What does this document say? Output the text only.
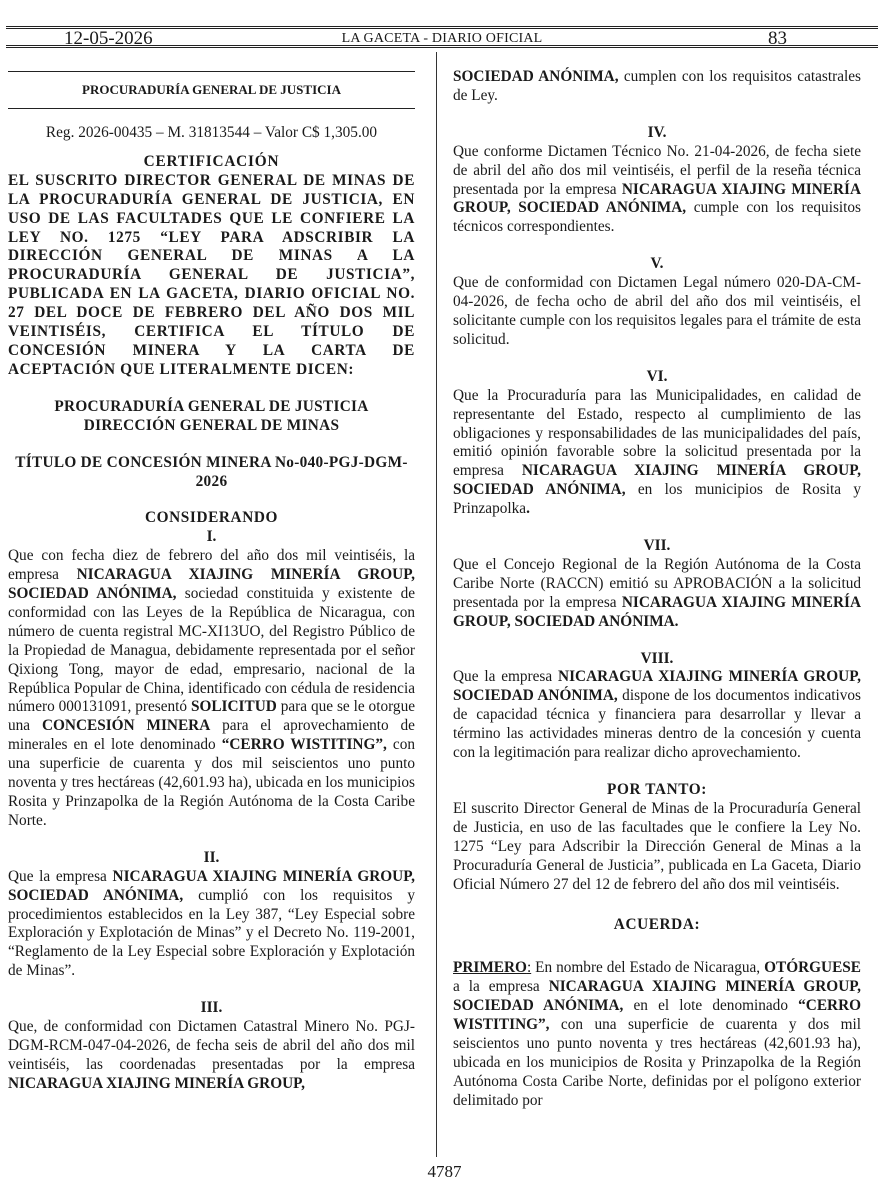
12-05-2026	LA GACETA - DIARIO OFICIAL	83
PROCURADURÍA GENERAL DE JUSTICIA

Reg. 2026-00435 – M. 31813544 – Valor C$ 1,305.00

CERTIFICACIÓN

EL SUSCRITO DIRECTOR GENERAL DE MINAS DE LA PROCURADURÍA GENERAL DE JUSTICIA, EN USO DE LAS FACULTADES QUE LE CONFIERE LA LEY NO. 1275 “LEY PARA ADSCRIBIR LA DIRECCIÓN GENERAL DE MINAS A LA PROCURADURÍA GENERAL DE JUSTICIA”, PUBLICADA EN LA GACETA, DIARIO OFICIAL NO. 27 DEL DOCE DE FEBRERO DEL AÑO DOS MIL VEINTISÉIS, CERTIFICA EL TÍTULO DE CONCESIÓN MINERA Y LA CARTA DE ACEPTACIÓN QUE LITERALMENTE DICEN:

PROCURADURÍA GENERAL DE JUSTICIA

DIRECCIÓN GENERAL DE MINAS

TÍTULO DE CONCESIÓN MINERA No-040-PGJ-DGM-2026

CONSIDERANDO

I.

Que con fecha diez de febrero del año dos mil veintiséis, la empresa NICARAGUA XIAJING MINERÍA GROUP, SOCIEDAD ANÓNIMA, sociedad constituida y existente de conformidad con las Leyes de la República de Nicaragua, con número de cuenta registral MC-XI13UO, del Registro Público de la Propiedad de Managua, debidamente representada por el señor Qixiong Tong, mayor de edad, empresario, nacional de la República Popular de China, identificado con cédula de residencia número 000131091, presentó SOLICITUD para que se le otorgue una CONCESIÓN MINERA para el aprovechamiento de minerales en el lote denominado “CERRO WISTITING”, con una superficie de cuarenta y dos mil seiscientos uno punto noventa y tres hectáreas (42,601.93 ha), ubicada en los municipios Rosita y Prinzapolka de la Región Autónoma de la Costa Caribe Norte.

II.

Que la empresa NICARAGUA XIAJING MINERÍA GROUP, SOCIEDAD ANÓNIMA, cumplió con los requisitos y procedimientos establecidos en la Ley 387, “Ley Especial sobre Exploración y Explotación de Minas” y el Decreto No. 119-2001, “Reglamento de la Ley Especial sobre Exploración y Explotación de Minas”.

III.

Que, de conformidad con Dictamen Catastral Minero No. PGJ-DGM-RCM-047-04-2026, de fecha seis de abril del año dos mil veintiséis, las coordenadas presentadas por la empresa NICARAGUA XIAJING MINERÍA GROUP,

SOCIEDAD ANÓNIMA, cumplen con los requisitos catastrales de Ley.

IV.

Que conforme Dictamen Técnico No. 21-04-2026, de fecha siete de abril del año dos mil veintiséis, el perfil de la reseña técnica presentada por la empresa NICARAGUA XIAJING MINERÍA GROUP, SOCIEDAD ANÓNIMA, cumple con los requisitos técnicos correspondientes.

V.

Que de conformidad con Dictamen Legal número 020-DA-CM-04-2026, de fecha ocho de abril del año dos mil veintiséis, el solicitante cumple con los requisitos legales para el trámite de esta solicitud.

VI.

Que la Procuraduría para las Municipalidades, en calidad de representante del Estado, respecto al cumplimiento de las obligaciones y responsabilidades de las municipalidades del país, emitió opinión favorable sobre la solicitud presentada por la empresa NICARAGUA XIAJING MINERÍA GROUP, SOCIEDAD ANÓNIMA, en los municipios de Rosita y Prinzapolka.

VII.

Que el Concejo Regional de la Región Autónoma de la Costa Caribe Norte (RACCN) emitió su APROBACIÓN a la solicitud presentada por la empresa NICARAGUA XIAJING MINERÍA GROUP, SOCIEDAD ANÓNIMA.

VIII.

Que la empresa NICARAGUA XIAJING MINERÍA GROUP, SOCIEDAD ANÓNIMA, dispone de los documentos indicativos de capacidad técnica y financiera para desarrollar y llevar a término las actividades mineras dentro de la concesión y cuenta con la legitimación para realizar dicho aprovechamiento.

POR TANTO:

El suscrito Director General de Minas de la Procuraduría General de Justicia, en uso de las facultades que le confiere la Ley No. 1275 “Ley para Adscribir la Dirección General de Minas a la Procuraduría General de Justicia”, publicada en La Gaceta, Diario Oficial Número 27 del 12 de febrero del año dos mil veintiséis.

ACUERDA:

PRIMERO: En nombre del Estado de Nicaragua, OTÓRGUESE a la empresa NICARAGUA XIAJING MINERÍA GROUP, SOCIEDAD ANÓNIMA, en el lote denominado “CERRO WISTITING”, con una superficie de cuarenta y dos mil seiscientos uno punto noventa y tres hectáreas (42,601.93 ha), ubicada en los municipios de Rosita y Prinzapolka de la Región Autónoma Costa Caribe Norte, definidas por el polígono exterior delimitado por

4787
